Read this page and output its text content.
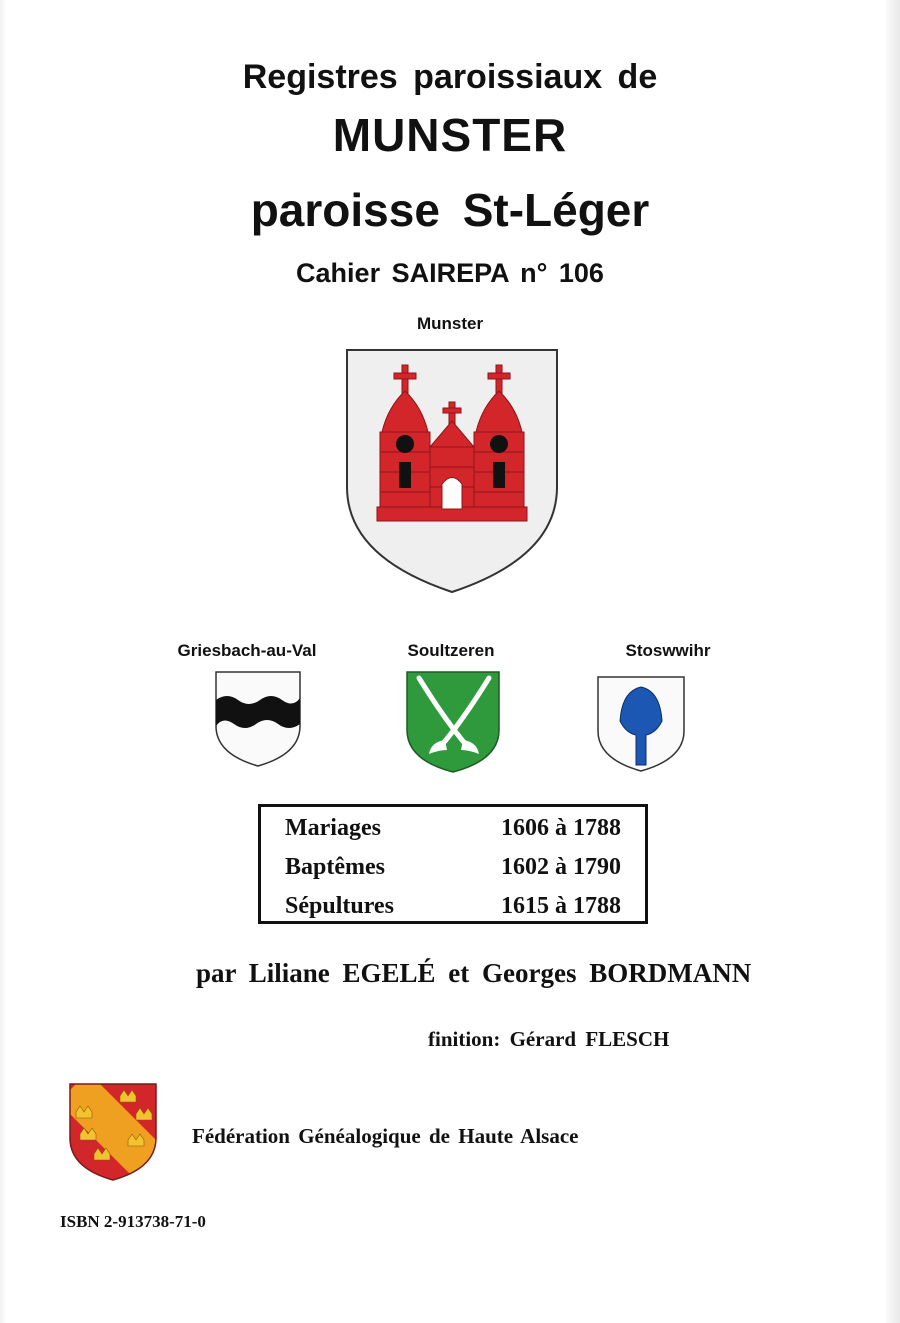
Registres paroissiaux de
MUNSTER
paroisse St-Léger
Cahier SAIREPA n° 106
Munster
Griesbach-au-Val	Soultzeren	Stoswwihr
Mariages	1606 à 1788
Baptêmes	1602 à 1790
Sépultures	1615 à 1788
par Liliane EGELÉ et Georges BORDMANN
finition: Gérard FLESCH
Fédération Généalogique de Haute Alsace
ISBN 2-913738-71-0
